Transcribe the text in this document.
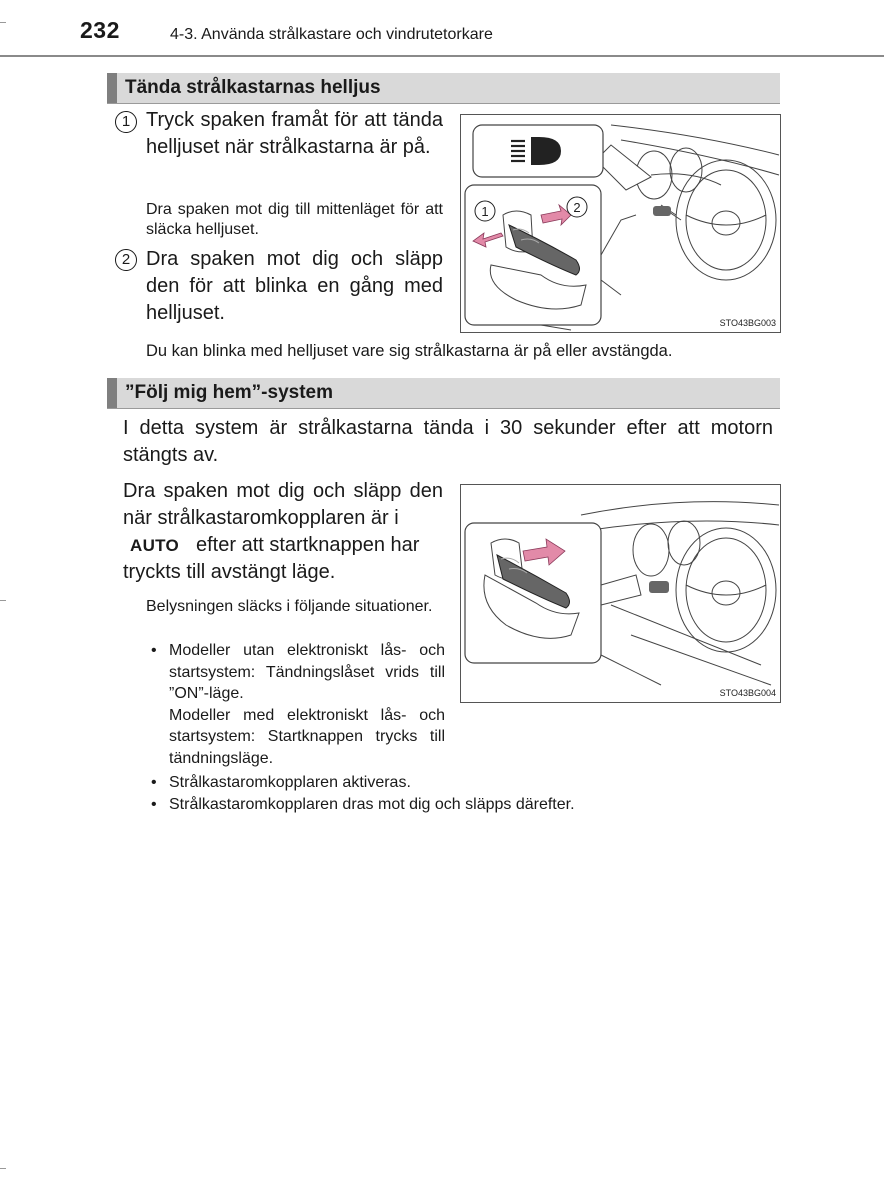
232	4-3. Använda strålkastare och vindrutetorkare
Tända strålkastarnas helljus
1 Tryck spaken framåt för att tända helljuset när strålkastarna är på.
Dra spaken mot dig till mittenläget för att släcka helljuset.
2 Dra spaken mot dig och släpp den för att blinka en gång med helljuset.
1	2
STO43BG003
Du kan blinka med helljuset vare sig strålkastarna är på eller avstängda.
”Följ mig hem”-system
I detta system är strålkastarna tända i 30 sekunder efter att motorn stängts av.
Dra spaken mot dig och släpp den när strålkastaromkopplaren är i
AUTO efter att startknappen har
tryckts till avstängt läge.
Belysningen släcks i följande situationer.
• Modeller utan elektroniskt lås- och startsystem: Tändningslåset vrids till ”ON”-läge.
Modeller med elektroniskt lås- och startsystem: Startknappen trycks till tändningsläge.
• Strålkastaromkopplaren aktiveras.
• Strålkastaromkopplaren dras mot dig och släpps därefter.
STO43BG004
